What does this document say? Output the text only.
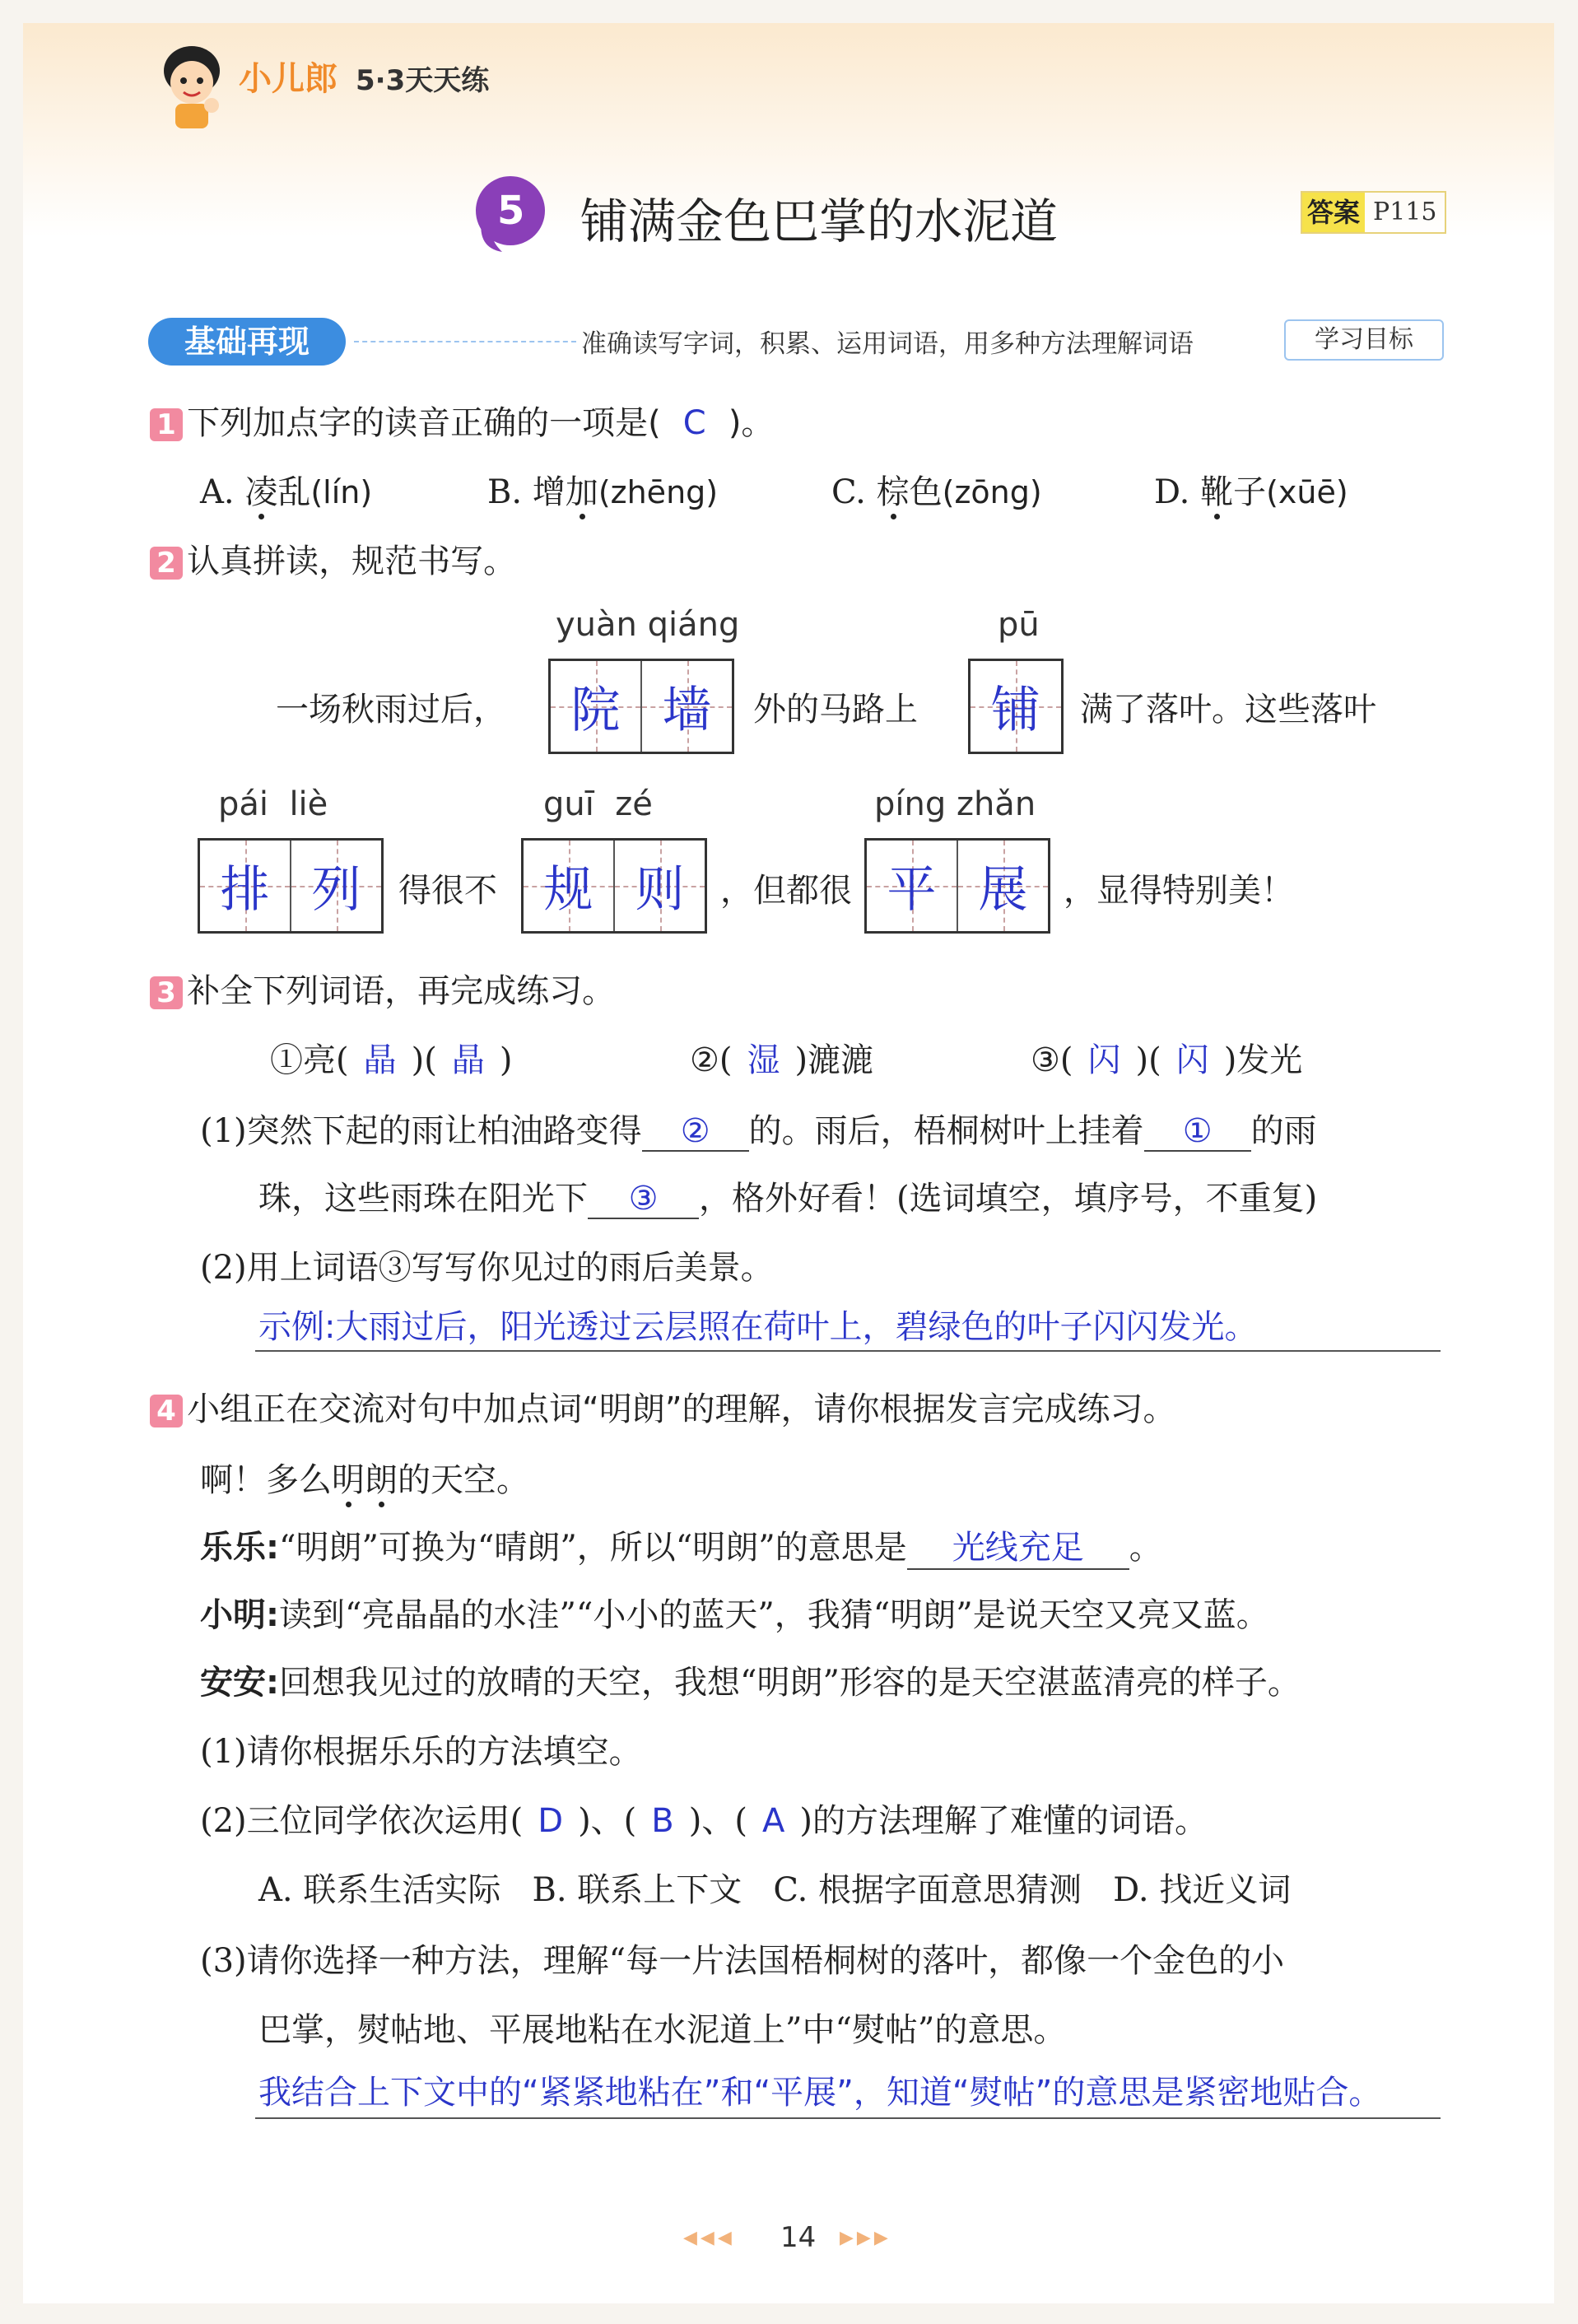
小儿郎 5·3天天练
5 铺满金色巴掌的水泥道	答案 P115
基础再现	准确读写字词，积累、运用词语，用多种方法理解词语	学习目标
1 下列加点字的读音正确的一项是( C )。
A. 凌乱(lín)	B. 增加(zhēng)	C. 棕色(zōng)	D. 靴子(xūē)
2 认真拼读，规范书写。
yuàn qiáng	pū
一场秋雨过后， 院 墙 外的马路上 铺 满了落叶。这些落叶
pái  liè	guī  zé	píng zhǎn
排 列 得很不 规 则 ，但都很 平 展 ，显得特别美！
3 补全下列词语，再完成练习。
①亮( 晶 )( 晶 )	②( 湿 )漉漉	③( 闪 )( 闪 )发光
(1)突然下起的雨让柏油路变得 ② 的。雨后，梧桐树叶上挂着 ① 的雨
珠，这些雨珠在阳光下 ③ ，格外好看！(选词填空，填序号，不重复)
(2)用上词语③写写你见过的雨后美景。
示例:大雨过后，阳光透过云层照在荷叶上，碧绿色的叶子闪闪发光。
4 小组正在交流对句中加点词“明朗”的理解，请你根据发言完成练习。
啊！多么明朗的天空。
乐乐:“明朗”可换为“晴朗”，所以“明朗”的意思是 光线充足 。
小明:读到“亮晶晶的水洼”“小小的蓝天”，我猜“明朗”是说天空又亮又蓝。
安安:回想我见过的放晴的天空，我想“明朗”形容的是天空湛蓝清亮的样子。
(1)请你根据乐乐的方法填空。
(2)三位同学依次运用( D )、( B )、( A )的方法理解了难懂的词语。
A. 联系生活实际   B. 联系上下文   C. 根据字面意思猜测   D. 找近义词
(3)请你选择一种方法，理解“每一片法国梧桐树的落叶，都像一个金色的小
巴掌，熨帖地、平展地粘在水泥道上”中“熨帖”的意思。
我结合上下文中的“紧紧地粘在”和“平展”，知道“熨帖”的意思是紧密地贴合。
◀◀◀ 14 ▶▶▶
